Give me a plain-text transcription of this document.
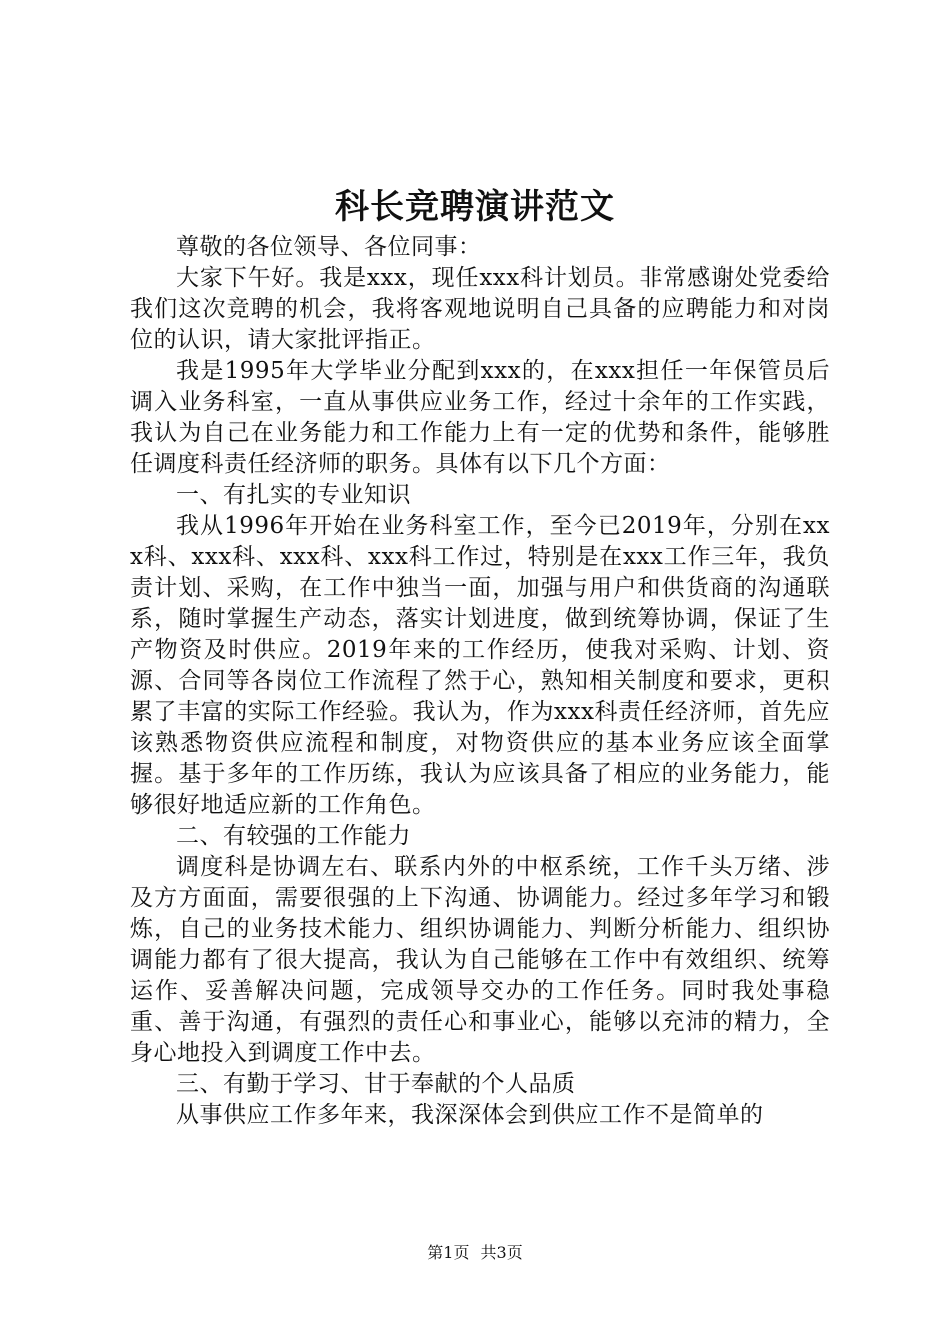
科长竞聘演讲范文

尊敬的各位领导、各位同事：

大家下午好。我是xxx，现任xxx科计划员。非常感谢处党委给我们这次竞聘的机会，我将客观地说明自己具备的应聘能力和对岗位的认识，请大家批评指正。

我是1995年大学毕业分配到xxx的，在xxx担任一年保管员后调入业务科室，一直从事供应业务工作，经过十余年的工作实践，我认为自己在业务能力和工作能力上有一定的优势和条件，能够胜任调度科责任经济师的职务。具体有以下几个方面：

一、有扎实的专业知识

我从1996年开始在业务科室工作，至今已2019年，分别在xxx科、xxx科、xxx科、xxx科工作过，特别是在xxx工作三年，我负责计划、采购，在工作中独当一面，加强与用户和供货商的沟通联系，随时掌握生产动态，落实计划进度，做到统筹协调，保证了生产物资及时供应。2019年来的工作经历，使我对采购、计划、资源、合同等各岗位工作流程了然于心，熟知相关制度和要求，更积累了丰富的实际工作经验。我认为，作为xxx科责任经济师，首先应该熟悉物资供应流程和制度，对物资供应的基本业务应该全面掌握。基于多年的工作历练，我认为应该具备了相应的业务能力，能够很好地适应新的工作角色。

二、有较强的工作能力

调度科是协调左右、联系内外的中枢系统，工作千头万绪、涉及方方面面，需要很强的上下沟通、协调能力。经过多年学习和锻炼，自己的业务技术能力、组织协调能力、判断分析能力、组织协调能力都有了很大提高，我认为自己能够在工作中有效组织、统筹运作、妥善解决问题，完成领导交办的工作任务。同时我处事稳重、善于沟通，有强烈的责任心和事业心，能够以充沛的精力，全身心地投入到调度工作中去。

三、有勤于学习、甘于奉献的个人品质

从事供应工作多年来，我深深体会到供应工作不是简单的

第1页 共3页
